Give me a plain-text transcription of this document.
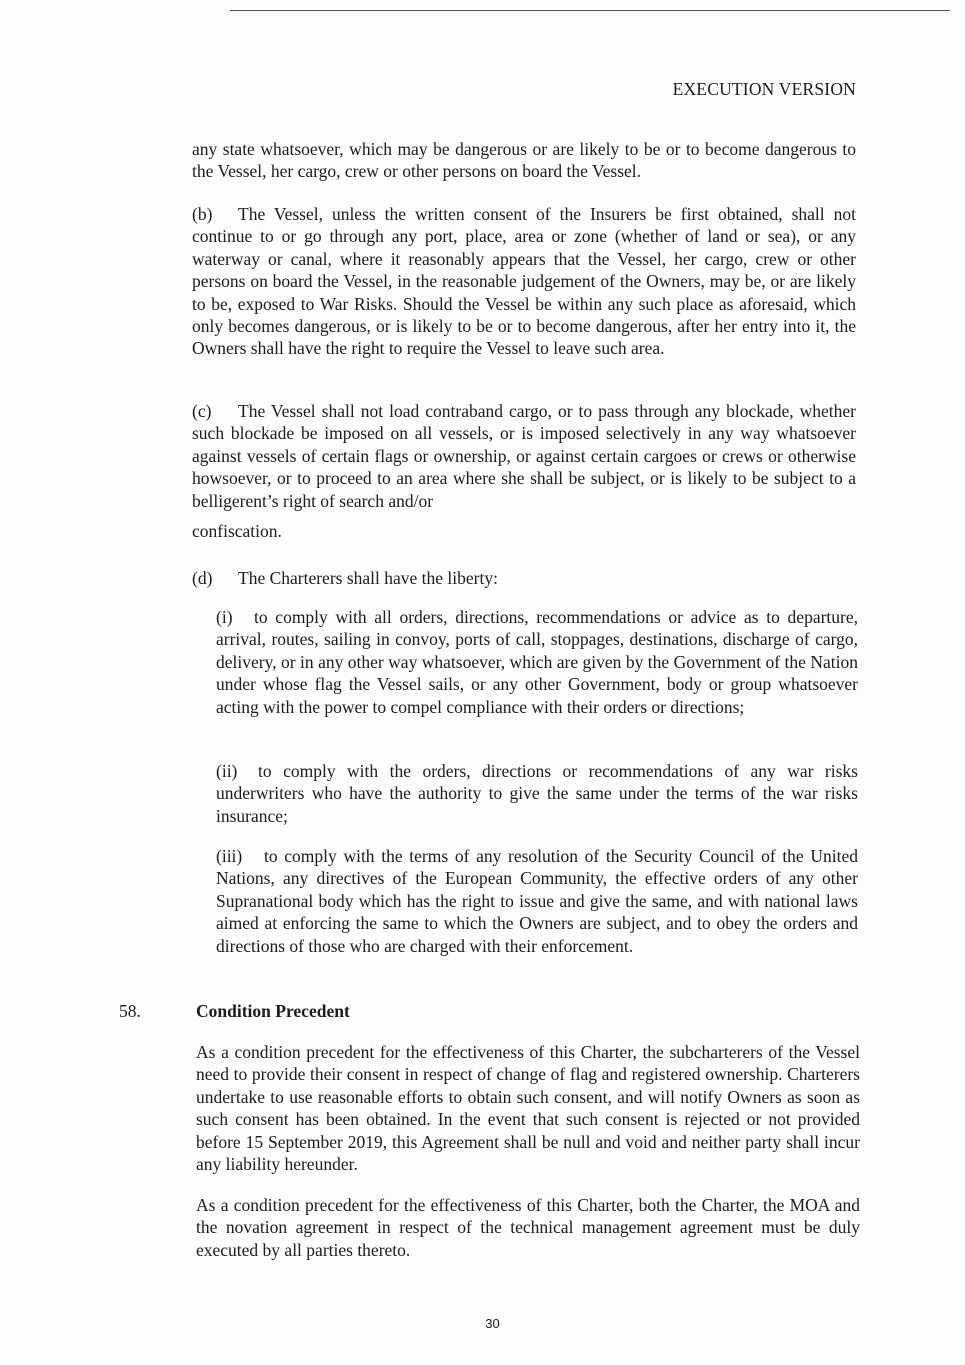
EXECUTION VERSION

any state whatsoever, which may be dangerous or are likely to be or to become dangerous to the Vessel, her cargo, crew or other persons on board the Vessel.

(b) The Vessel, unless the written consent of the Insurers be first obtained, shall not continue to or go through any port, place, area or zone (whether of land or sea), or any waterway or canal, where it reasonably appears that the Vessel, her cargo, crew or other persons on board the Vessel, in the reasonable judgement of the Owners, may be, or are likely to be, exposed to War Risks. Should the Vessel be within any such place as aforesaid, which only becomes dangerous, or is likely to be or to become dangerous, after her entry into it, the Owners shall have the right to require the Vessel to leave such area.

(c) The Vessel shall not load contraband cargo, or to pass through any blockade, whether such blockade be imposed on all vessels, or is imposed selectively in any way whatsoever against vessels of certain flags or ownership, or against certain cargoes or crews or otherwise howsoever, or to proceed to an area where she shall be subject, or is likely to be subject to a belligerent’s right of search and/or
confiscation.

(d) The Charterers shall have the liberty:

(i) to comply with all orders, directions, recommendations or advice as to departure, arrival, routes, sailing in convoy, ports of call, stoppages, destinations, discharge of cargo, delivery, or in any other way whatsoever, which are given by the Government of the Nation under whose flag the Vessel sails, or any other Government, body or group whatsoever acting with the power to compel compliance with their orders or directions;

(ii) to comply with the orders, directions or recommendations of any war risks underwriters who have the authority to give the same under the terms of the war risks insurance;

(iii) to comply with the terms of any resolution of the Security Council of the United Nations, any directives of the European Community, the effective orders of any other Supranational body which has the right to issue and give the same, and with national laws aimed at enforcing the same to which the Owners are subject, and to obey the orders and directions of those who are charged with their enforcement.

58.	Condition Precedent

As a condition precedent for the effectiveness of this Charter, the subcharterers of the Vessel need to provide their consent in respect of change of flag and registered ownership. Charterers undertake to use reasonable efforts to obtain such consent, and will notify Owners as soon as such consent has been obtained. In the event that such consent is rejected or not provided before 15 September 2019, this Agreement shall be null and void and neither party shall incur any liability hereunder.

As a condition precedent for the effectiveness of this Charter, both the Charter, the MOA and the novation agreement in respect of the technical management agreement must be duly executed by all parties thereto.

30
